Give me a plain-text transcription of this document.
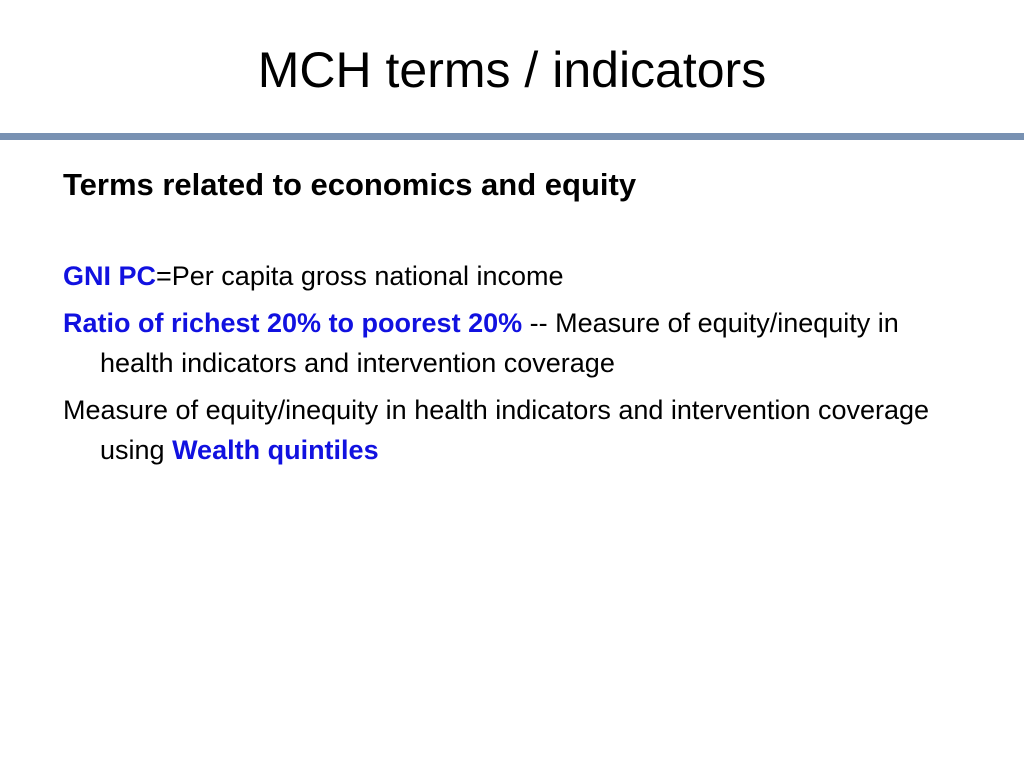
MCH terms / indicators

Terms related to economics and equity

GNI PC=Per capita gross national income

Ratio of richest 20% to poorest 20% -- Measure of equity/inequity in health indicators and intervention coverage

Measure of equity/inequity in health indicators and intervention coverage using Wealth quintiles
